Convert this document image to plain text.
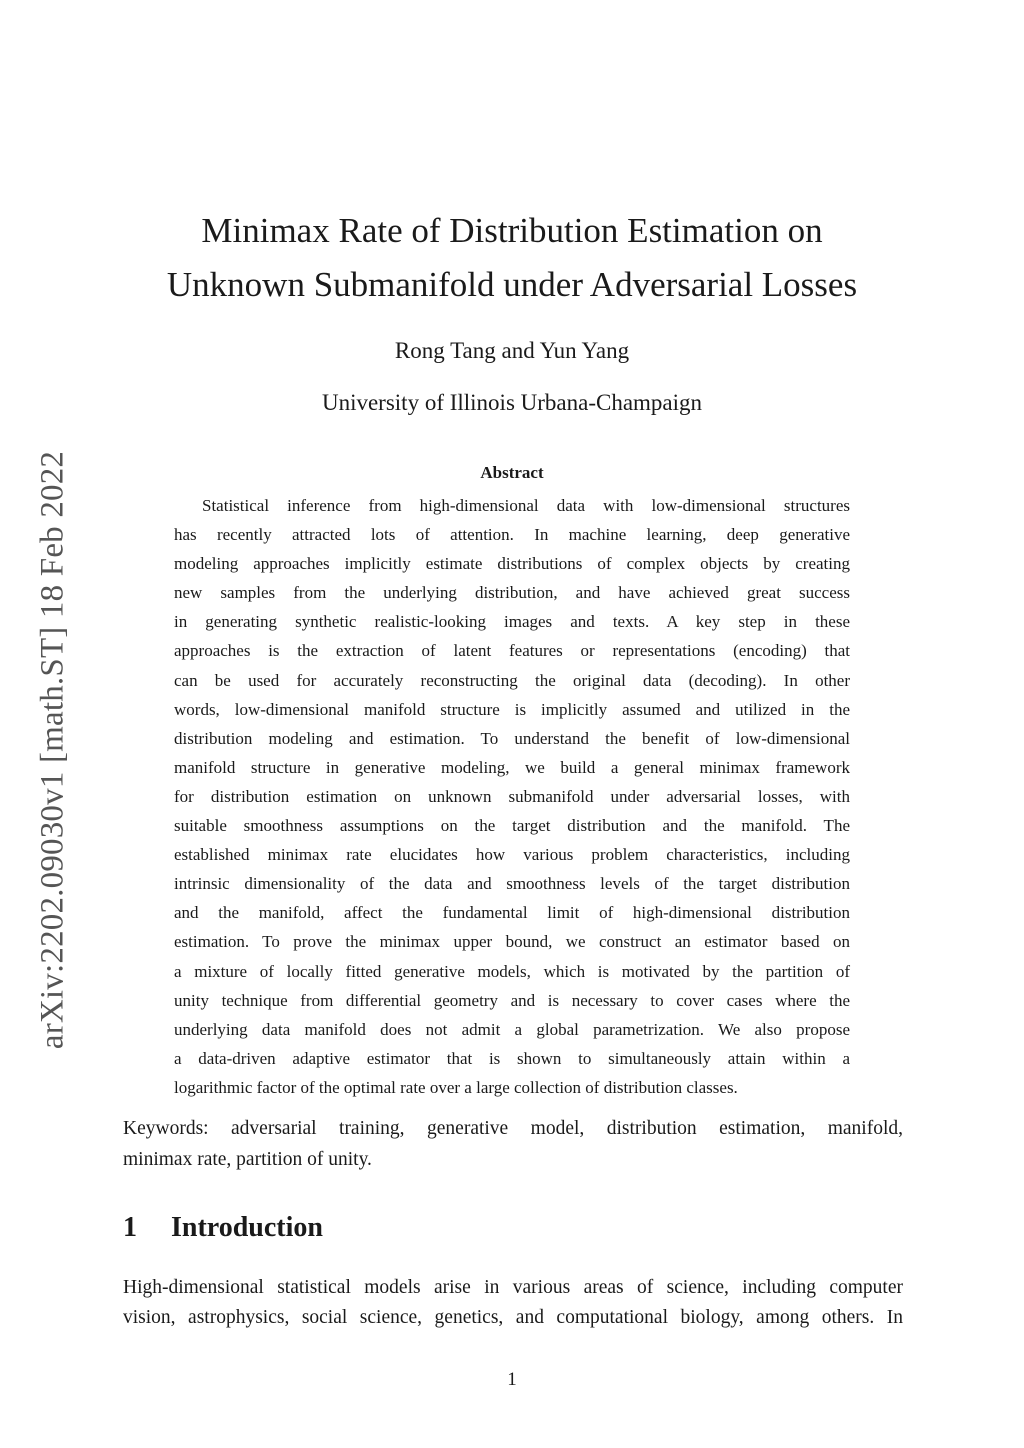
arXiv:2202.09030v1 [math.ST] 18 Feb 2022
Minimax Rate of Distribution Estimation on
Unknown Submanifold under Adversarial Losses
Rong Tang and Yun Yang
University of Illinois Urbana-Champaign
Abstract
Statistical inference from high-dimensional data with low-dimensional structures
has recently attracted lots of attention. In machine learning, deep generative
modeling approaches implicitly estimate distributions of complex objects by creating
new samples from the underlying distribution, and have achieved great success
in generating synthetic realistic-looking images and texts. A key step in these
approaches is the extraction of latent features or representations (encoding) that
can be used for accurately reconstructing the original data (decoding). In other
words, low-dimensional manifold structure is implicitly assumed and utilized in the
distribution modeling and estimation. To understand the benefit of low-dimensional
manifold structure in generative modeling, we build a general minimax framework
for distribution estimation on unknown submanifold under adversarial losses, with
suitable smoothness assumptions on the target distribution and the manifold. The
established minimax rate elucidates how various problem characteristics, including
intrinsic dimensionality of the data and smoothness levels of the target distribution
and the manifold, affect the fundamental limit of high-dimensional distribution
estimation. To prove the minimax upper bound, we construct an estimator based on
a mixture of locally fitted generative models, which is motivated by the partition of
unity technique from differential geometry and is necessary to cover cases where the
underlying data manifold does not admit a global parametrization. We also propose
a data-driven adaptive estimator that is shown to simultaneously attain within a
logarithmic factor of the optimal rate over a large collection of distribution classes.
Keywords: adversarial training, generative model, distribution estimation, manifold,
minimax rate, partition of unity.
1 Introduction
High-dimensional statistical models arise in various areas of science, including computer
vision, astrophysics, social science, genetics, and computational biology, among others. In
1
